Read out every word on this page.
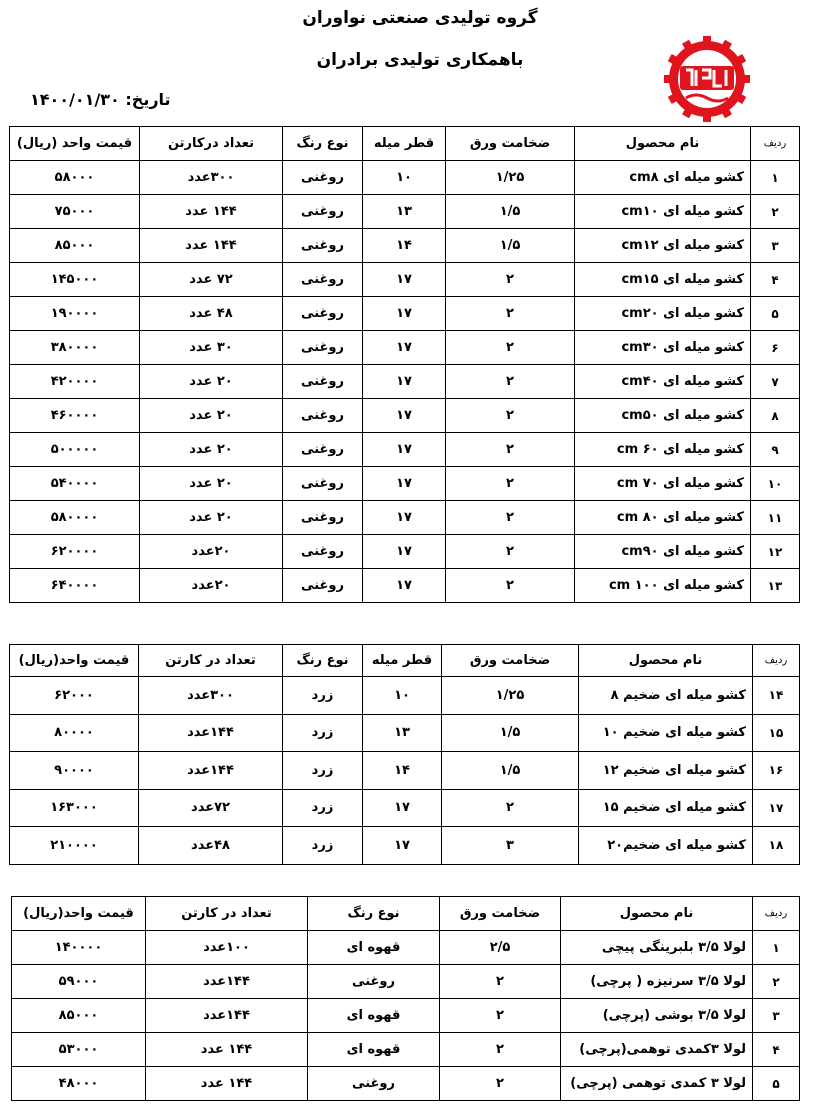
گروه تولیدی صنعتی نواوران
باهمکاری تولیدی برادران
تاریخ: ۱۴۰۰/۰۱/۳۰
ردیف	نام محصول	ضخامت ورق	قطر میله	نوع رنگ	تعداد درکارتن	قیمت واحد (ریال)
۱	کشو میله ای cm۸	۱/۲۵	۱۰	روغنی	۳۰۰عدد	۵۸۰۰۰
۲	کشو میله ای cm۱۰	۱/۵	۱۳	روغنی	۱۴۴ عدد	۷۵۰۰۰
۳	کشو میله ای cm۱۲	۱/۵	۱۴	روغنی	۱۴۴ عدد	۸۵۰۰۰
۴	کشو میله ای cm۱۵	۲	۱۷	روغنی	۷۲ عدد	۱۴۵۰۰۰
۵	کشو میله ای cm۲۰	۲	۱۷	روغنی	۴۸ عدد	۱۹۰۰۰۰
۶	کشو میله ای cm۳۰	۲	۱۷	روغنی	۳۰ عدد	۳۸۰۰۰۰
۷	کشو میله ای cm۴۰	۲	۱۷	روغنی	۲۰ عدد	۴۲۰۰۰۰
۸	کشو میله ای cm۵۰	۲	۱۷	روغنی	۲۰ عدد	۴۶۰۰۰۰
۹	کشو میله ای ۶۰ cm	۲	۱۷	روغنی	۲۰ عدد	۵۰۰۰۰۰
۱۰	کشو میله ای ۷۰ cm	۲	۱۷	روغنی	۲۰ عدد	۵۴۰۰۰۰
۱۱	کشو میله ای ۸۰ cm	۲	۱۷	روغنی	۲۰ عدد	۵۸۰۰۰۰
۱۲	کشو میله ای cm۹۰	۲	۱۷	روغنی	۲۰عدد	۶۲۰۰۰۰
۱۳	کشو میله ای ۱۰۰ cm	۲	۱۷	روغنی	۲۰عدد	۶۴۰۰۰۰
ردیف	نام محصول	ضخامت ورق	قطر میله	نوع رنگ	تعداد در کارتن	قیمت واحد(ریال)
۱۴	کشو میله ای ضخیم ۸	۱/۲۵	۱۰	زرد	۳۰۰عدد	۶۲۰۰۰
۱۵	کشو میله ای ضخیم ۱۰	۱/۵	۱۳	زرد	۱۴۴عدد	۸۰۰۰۰
۱۶	کشو میله ای ضخیم ۱۲	۱/۵	۱۴	زرد	۱۴۴عدد	۹۰۰۰۰
۱۷	کشو میله ای ضخیم ۱۵	۲	۱۷	زرد	۷۲عدد	۱۶۳۰۰۰
۱۸	کشو میله ای ضخیم۲۰	۳	۱۷	زرد	۴۸عدد	۲۱۰۰۰۰
ردیف	نام محصول	ضخامت ورق	نوع رنگ	تعداد در کارتن	قیمت واحد(ریال)
۱	لولا ۳/۵ بلبرینگی پیچی	۲/۵	قهوه ای	۱۰۰عدد	۱۴۰۰۰۰
۲	لولا ۳/۵ سرنیزه ( پرچی)	۲	روغنی	۱۴۴عدد	۵۹۰۰۰
۳	لولا ۳/۵ بوشی (پرچی)	۲	قهوه ای	۱۴۴عدد	۸۵۰۰۰
۴	لولا ۳کمدی توهمی(پرچی)	۲	قهوه ای	۱۴۴ عدد	۵۳۰۰۰
۵	لولا ۳ کمدی توهمی (پرچی)	۲	روغنی	۱۴۴ عدد	۴۸۰۰۰
